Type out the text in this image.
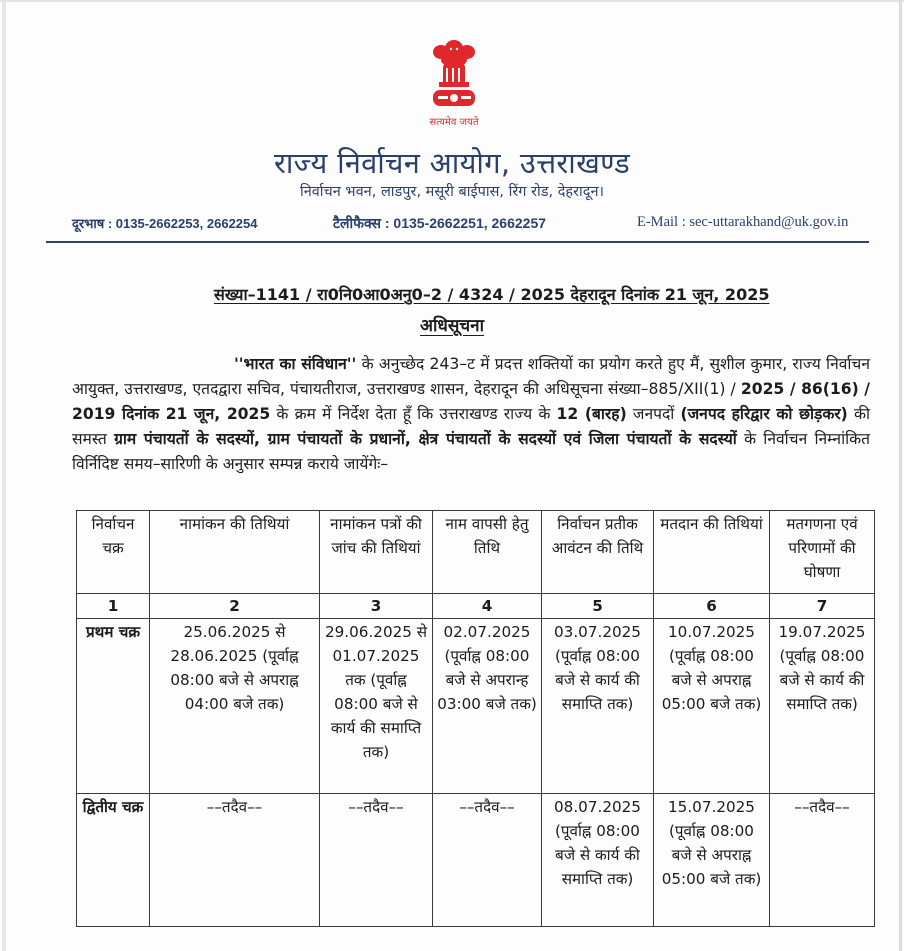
सत्यमेव जयते
राज्य निर्वाचन आयोग, उत्तराखण्ड
निर्वाचन भवन, लाडपुर, मसूरी बाईपास, रिंग रोड, देहरादून।
दूरभाष : 0135-2662253, 2662254	टैलीफैक्स : 0135-2662251, 2662257	E-Mail : sec-uttarakhand@uk.gov.in
संख्या–1141 / रा0नि0आ0अनु0–2 / 4324 / 2025 देहरादून दिनांक 21 जून, 2025
अधिसूचना
''भारत का संविधान'' के अनुच्छेद 243–ट में प्रदत्त शक्तियों का प्रयोग करते हुए मैं, सुशील कुमार, राज्य निर्वाचन आयुक्त, उत्तराखण्ड, एतदद्वारा सचिव, पंचायतीराज, उत्तराखण्ड शासन, देहरादून की अधिसूचना संख्या–885/XII(1) / 2025 / 86(16) / 2019 दिनांक 21 जून, 2025 के क्रम में निर्देश देता हूँ कि उत्तराखण्ड राज्य के 12 (बारह) जनपदों (जनपद हरिद्वार को छोड़कर) की समस्त ग्राम पंचायतों के सदस्यों, ग्राम पंचायतों के प्रधानों, क्षेत्र पंचायतों के सदस्यों एवं जिला पंचायतों के सदस्यों के निर्वाचन निम्नांकित विर्निदिष्ट समय–सारिणी के अनुसार सम्पन्न कराये जायेंगेः–
निर्वाचन चक्र	नामांकन की तिथियां	नामांकन पत्रों की जांच की तिथियां	नाम वापसी हेतु तिथि	निर्वाचन प्रतीक आवंटन की तिथि	मतदान की तिथियां	मतगणना एवं परिणामों की घोषणा
1	2	3	4	5	6	7
प्रथम चक्र	25.06.2025 से 28.06.2025 (पूर्वाह्न 08:00 बजे से अपराह्न 04:00 बजे तक)	29.06.2025 से 01.07.2025 तक (पूर्वाह्न 08:00 बजे से कार्य की समाप्ति तक)	02.07.2025 (पूर्वाह्न 08:00 बजे से अपरान्ह 03:00 बजे तक)	03.07.2025 (पूर्वाह्न 08:00 बजे से कार्य की समाप्ति तक)	10.07.2025 (पूर्वाह्न 08:00 बजे से अपराह्न 05:00 बजे तक)	19.07.2025 (पूर्वाह्न 08:00 बजे से कार्य की समाप्ति तक)
द्वितीय चक्र	––तदैव––	––तदैव––	––तदैव––	08.07.2025 (पूर्वाह्न 08:00 बजे से कार्य की समाप्ति तक)	15.07.2025 (पूर्वाह्न 08:00 बजे से अपराह्न 05:00 बजे तक)	––तदैव––
